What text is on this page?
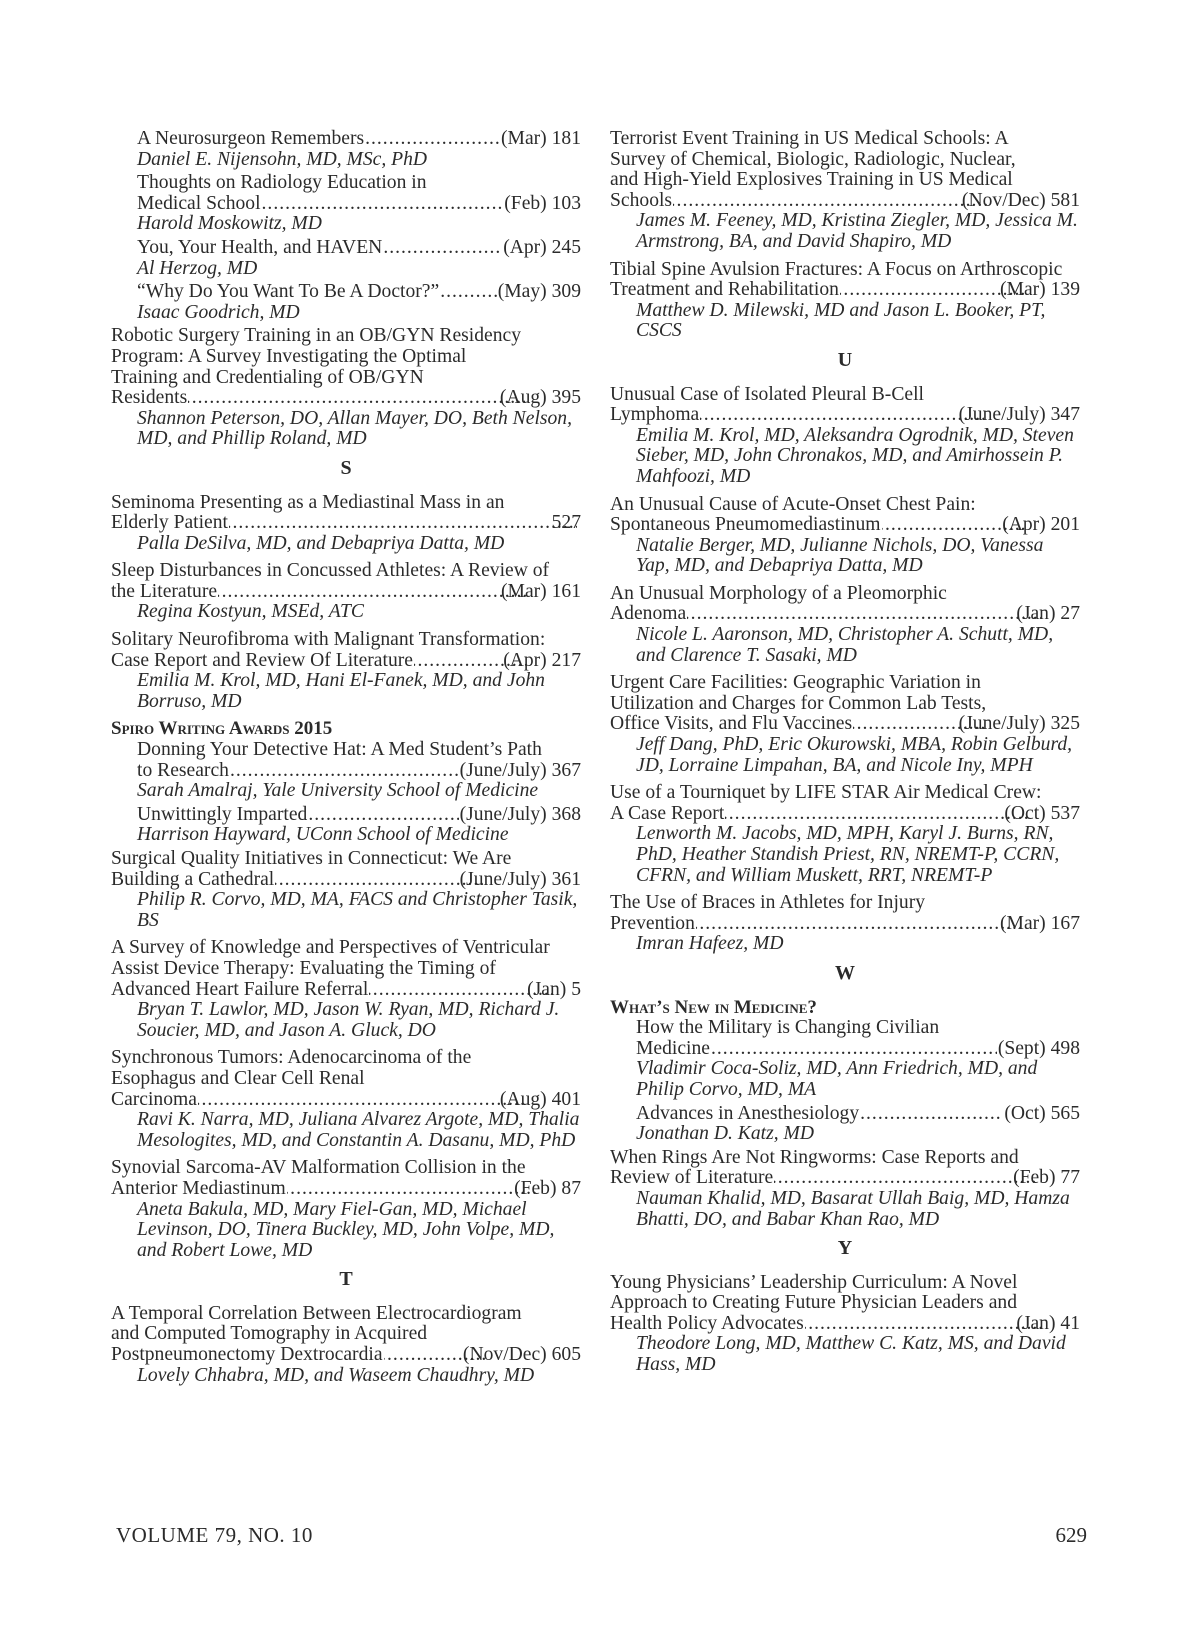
A Neurosurgeon Remembers .....	(Mar) 181
Daniel E. Nijensohn, MD, MSc, PhD
Thoughts on Radiology Education in
Medical School .....	(Feb) 103
Harold Moskowitz, MD
You, Your Health, and HAVEN .....	(Apr) 245
Al Herzog, MD
“Why Do You Want To Be A Doctor?” .....	(May) 309
Isaac Goodrich, MD
Robotic Surgery Training in an OB/GYN Residency
Program: A Survey Investigating the Optimal
Training and Credentialing of OB/GYN
Residents .....	(Aug) 395
Shannon Peterson, DO, Allan Mayer, DO, Beth Nelson, MD, and Phillip Roland, MD
S
Seminoma Presenting as a Mediastinal Mass in an
Elderly Patient .....	527
Palla DeSilva, MD, and Debapriya Datta, MD
Sleep Disturbances in Concussed Athletes: A Review of
the Literature .....	(Mar) 161
Regina Kostyun, MSEd, ATC
Solitary Neurofibroma with Malignant Transformation:
Case Report and Review Of Literature .....	(Apr) 217
Emilia M. Krol, MD, Hani El-Fanek, MD, and John Borruso, MD
Spiro Writing Awards 2015
Donning Your Detective Hat: A Med Student’s Path
to Research .....	(June/July) 367
Sarah Amalraj, Yale University School of Medicine
Unwittingly Imparted .....	(June/July) 368
Harrison Hayward, UConn School of Medicine
Surgical Quality Initiatives in Connecticut: We Are
Building a Cathedral .....	(June/July) 361
Philip R. Corvo, MD, MA, FACS and Christopher Tasik, BS
A Survey of Knowledge and Perspectives of Ventricular
Assist Device Therapy: Evaluating the Timing of
Advanced Heart Failure Referral .....	(Jan) 5
Bryan T. Lawlor, MD, Jason W. Ryan, MD, Richard J. Soucier, MD, and Jason A. Gluck, DO
Synchronous Tumors: Adenocarcinoma of the
Esophagus and Clear Cell Renal
Carcinoma .....	(Aug) 401
Ravi K. Narra, MD, Juliana Alvarez Argote, MD, Thalia Mesologites, MD, and Constantin A. Dasanu, MD, PhD
Synovial Sarcoma-AV Malformation Collision in the
Anterior Mediastinum .....	(Feb) 87
Aneta Bakula, MD, Mary Fiel-Gan, MD, Michael Levinson, DO, Tinera Buckley, MD, John Volpe, MD, and Robert Lowe, MD
T
A Temporal Correlation Between Electrocardiogram
and Computed Tomography in Acquired
Postpneumonectomy Dextrocardia .....	(Nov/Dec) 605
Lovely Chhabra, MD, and Waseem Chaudhry, MD
Terrorist Event Training in US Medical Schools: A
Survey of Chemical, Biologic, Radiologic, Nuclear,
and High-Yield Explosives Training in US Medical
Schools .....	(Nov/Dec) 581
James M. Feeney, MD, Kristina Ziegler, MD, Jessica M. Armstrong, BA, and David Shapiro, MD
Tibial Spine Avulsion Fractures: A Focus on Arthroscopic
Treatment and Rehabilitation .....	(Mar) 139
Matthew D. Milewski, MD and Jason L. Booker, PT, CSCS
U
Unusual Case of Isolated Pleural B-Cell
Lymphoma .....	(June/July) 347
Emilia M. Krol, MD, Aleksandra Ogrodnik, MD, Steven Sieber, MD, John Chronakos, MD, and Amirhossein P. Mahfoozi, MD
An Unusual Cause of Acute-Onset Chest Pain:
Spontaneous Pneumomediastinum .....	(Apr) 201
Natalie Berger, MD, Julianne Nichols, DO, Vanessa Yap, MD, and Debapriya Datta, MD
An Unusual Morphology of a Pleomorphic
Adenoma .....	(Jan) 27
Nicole L. Aaronson, MD, Christopher A. Schutt, MD, and Clarence T. Sasaki, MD
Urgent Care Facilities: Geographic Variation in
Utilization and Charges for Common Lab Tests,
Office Visits, and Flu Vaccines .....	(June/July) 325
Jeff Dang, PhD, Eric Okurowski, MBA, Robin Gelburd, JD, Lorraine Limpahan, BA, and Nicole Iny, MPH
Use of a Tourniquet by LIFE STAR Air Medical Crew:
A Case Report .....	(Oct) 537
Lenworth M. Jacobs, MD, MPH, Karyl J. Burns, RN, PhD, Heather Standish Priest, RN, NREMT-P, CCRN, CFRN, and William Muskett, RRT, NREMT-P
The Use of Braces in Athletes for Injury
Prevention .....	(Mar) 167
Imran Hafeez, MD
W
What’s New in Medicine?
How the Military is Changing Civilian
Medicine .....	(Sept) 498
Vladimir Coca-Soliz, MD, Ann Friedrich, MD, and Philip Corvo, MD, MA
Advances in Anesthesiology .....	(Oct) 565
Jonathan D. Katz, MD
When Rings Are Not Ringworms: Case Reports and
Review of Literature .....	(Feb) 77
Nauman Khalid, MD, Basarat Ullah Baig, MD, Hamza Bhatti, DO, and Babar Khan Rao, MD
Y
Young Physicians’ Leadership Curriculum: A Novel
Approach to Creating Future Physician Leaders and
Health Policy Advocates .....	(Jan) 41
Theodore Long, MD, Matthew C. Katz, MS, and David Hass, MD
VOLUME 79, NO. 10	629
